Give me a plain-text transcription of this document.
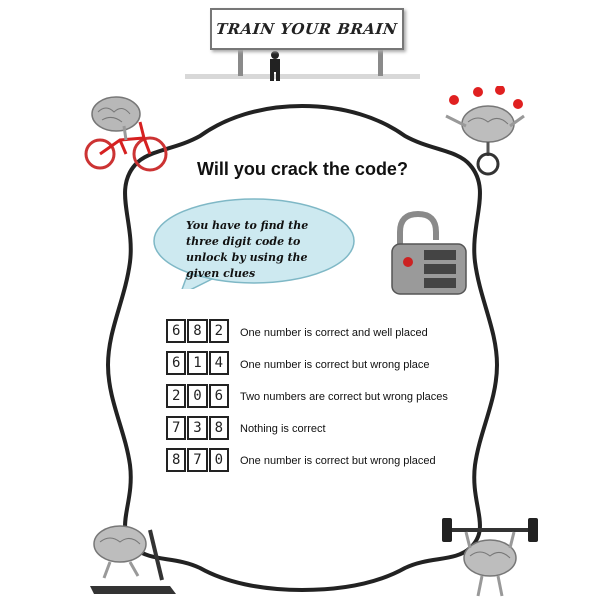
TRAIN YOUR BRAIN
Will you crack the code?
You have to find the three digit code to unlock by using the given clues
6 8 2	One number is correct and well placed
6 1 4	One number is correct but wrong place
2 0 6	Two numbers are correct but wrong places
7 3 8	Nothing is correct
8 7 0	One number is correct but wrong placed
